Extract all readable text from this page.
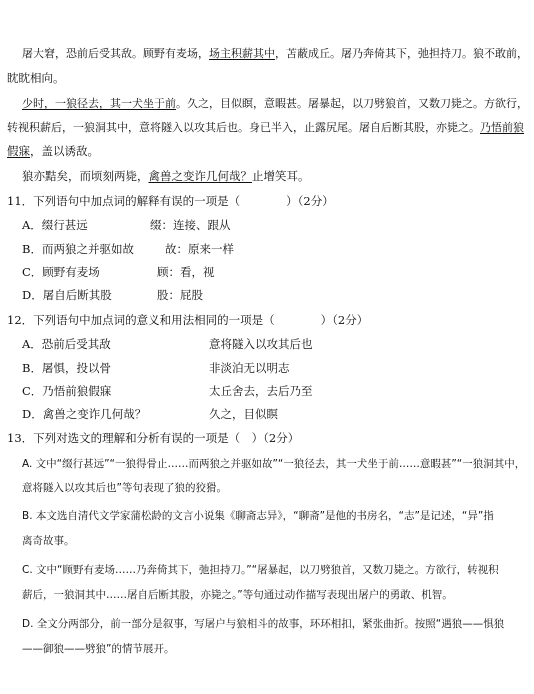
屠大窘，恐前后受其敌。顾野有麦场，场主积薪其中，苫蔽成丘。屠乃奔倚其下，弛担持刀。狼不敢前，
眈眈相向。
少时，一狼径去，其一犬坐于前。久之，目似瞑，意暇甚。屠暴起，以刀劈狼首，又数刀毙之。方欲行，
转视积薪后，一狼洞其中，意将隧入以攻其后也。身已半入，止露尻尾。屠自后断其股，亦毙之。乃悟前狼
假寐，盖以诱敌。
狼亦黠矣，而顷刻两毙，禽兽之变诈几何哉？止增笑耳。
11．下列语句中加点词的解释有误的一项是（　　　　）（2分）
A．缀行甚远	缀：连接、跟从
B．而两狼之并驱如故	故：原来一样
C．顾野有麦场	顾：看，视
D．屠自后断其股	股：屁股
12．下列语句中加点词的意义和用法相同的一项是（　　　　）（2分）
A．恐前后受其敌	意将隧入以攻其后也
B．屠惧，投以骨	非淡泊无以明志
C．乃悟前狼假寐	太丘舍去，去后乃至
D．禽兽之变诈几何哉？	久之，目似瞑
13．下列对选文的理解和分析有误的一项是（　）（2分）
A. 文中“缀行甚远”“一狼得骨止……而两狼之并驱如故”“一狼径去，其一犬坐于前……意暇甚”“一狼洞其中，
意将隧入以攻其后也”等句表现了狼的狡猾。
B. 本文选自清代文学家蒲松龄的文言小说集《聊斋志异》，“聊斋”是他的书房名，“志”是记述，“异”指
离奇故事。
C. 文中“顾野有麦场……乃奔倚其下，弛担持刀。”“屠暴起，以刀劈狼首，又数刀毙之。方欲行，转视积
薪后，一狼洞其中……屠自后断其股，亦毙之。”等句通过动作描写表现出屠户的勇敢、机智。
D. 全文分两部分，前一部分是叙事，写屠户与狼相斗的故事，环环相扣，紧张曲折。按照“遇狼——惧狼
——御狼——劈狼”的情节展开。
